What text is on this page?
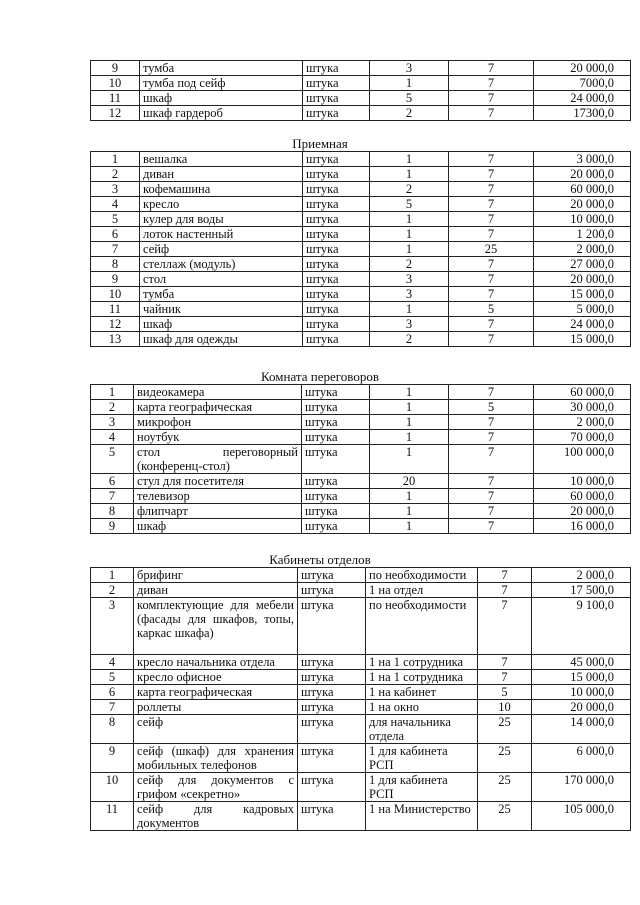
9	тумба	штука	3	7	20 000,0
10	тумба под сейф	штука	1	7	7000,0
11	шкаф	штука	5	7	24 000,0
12	шкаф гардероб	штука	2	7	17300,0
Приемная
1	вешалка	штука	1	7	3 000,0
2	диван	штука	1	7	20 000,0
3	кофемашина	штука	2	7	60 000,0
4	кресло	штука	5	7	20 000,0
5	кулер для воды	штука	1	7	10 000,0
6	лоток настенный	штука	1	7	1 200,0
7	сейф	штука	1	25	2 000,0
8	стеллаж (модуль)	штука	2	7	27 000,0
9	стол	штука	3	7	20 000,0
10	тумба	штука	3	7	15 000,0
11	чайник	штука	1	5	5 000,0
12	шкаф	штука	3	7	24 000,0
13	шкаф для одежды	штука	2	7	15 000,0
Комната переговоров
1	видеокамера	штука	1	7	60 000,0
2	карта географическая	штука	1	5	30 000,0
3	микрофон	штука	1	7	2 000,0
4	ноутбук	штука	1	7	70 000,0
5	стол переговорный (конференц-стол)	штука	1	7	100 000,0
6	стул для посетителя	штука	20	7	10 000,0
7	телевизор	штука	1	7	60 000,0
8	флипчарт	штука	1	7	20 000,0
9	шкаф	штука	1	7	16 000,0
Кабинеты отделов
1	брифинг	штука	по необходимости	7	2 000,0
2	диван	штука	1 на отдел	7	17 500,0
3	комплектующие для мебели (фасады для шкафов, топы, каркас шкафа)	штука	по необходимости	7	9 100,0
4	кресло начальника отдела	штука	1 на 1 сотрудника	7	45 000,0
5	кресло офисное	штука	1 на 1 сотрудника	7	15 000,0
6	карта географическая	штука	1 на кабинет	5	10 000,0
7	роллеты	штука	1 на окно	10	20 000,0
8	сейф	штука	для начальника отдела	25	14 000,0
9	сейф (шкаф) для хранения мобильных телефонов	штука	1 для кабинета РСП	25	6 000,0
10	сейф для документов с грифом «секретно»	штука	1 для кабинета РСП	25	170 000,0
11	сейф для кадровых документов	штука	1 на Министерство	25	105 000,0
